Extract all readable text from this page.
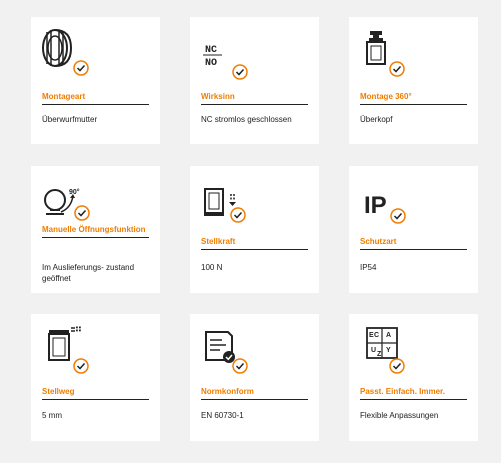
Montageart
Überwurfmutter
NC
NO
Wirksinn
NC stromlos geschlossen
Montage 360°
Überkopf
90°
Manuelle Öffnungsfunktion
Im Auslieferungs- zustand geöffnet
Stellkraft
100 N
IP
Schutzart
IP54
Stellweg
5 mm
Normkonform
EN 60730-1
E C A
U
Z
Y
Passt. Einfach. Immer.
Flexible Anpassungen
